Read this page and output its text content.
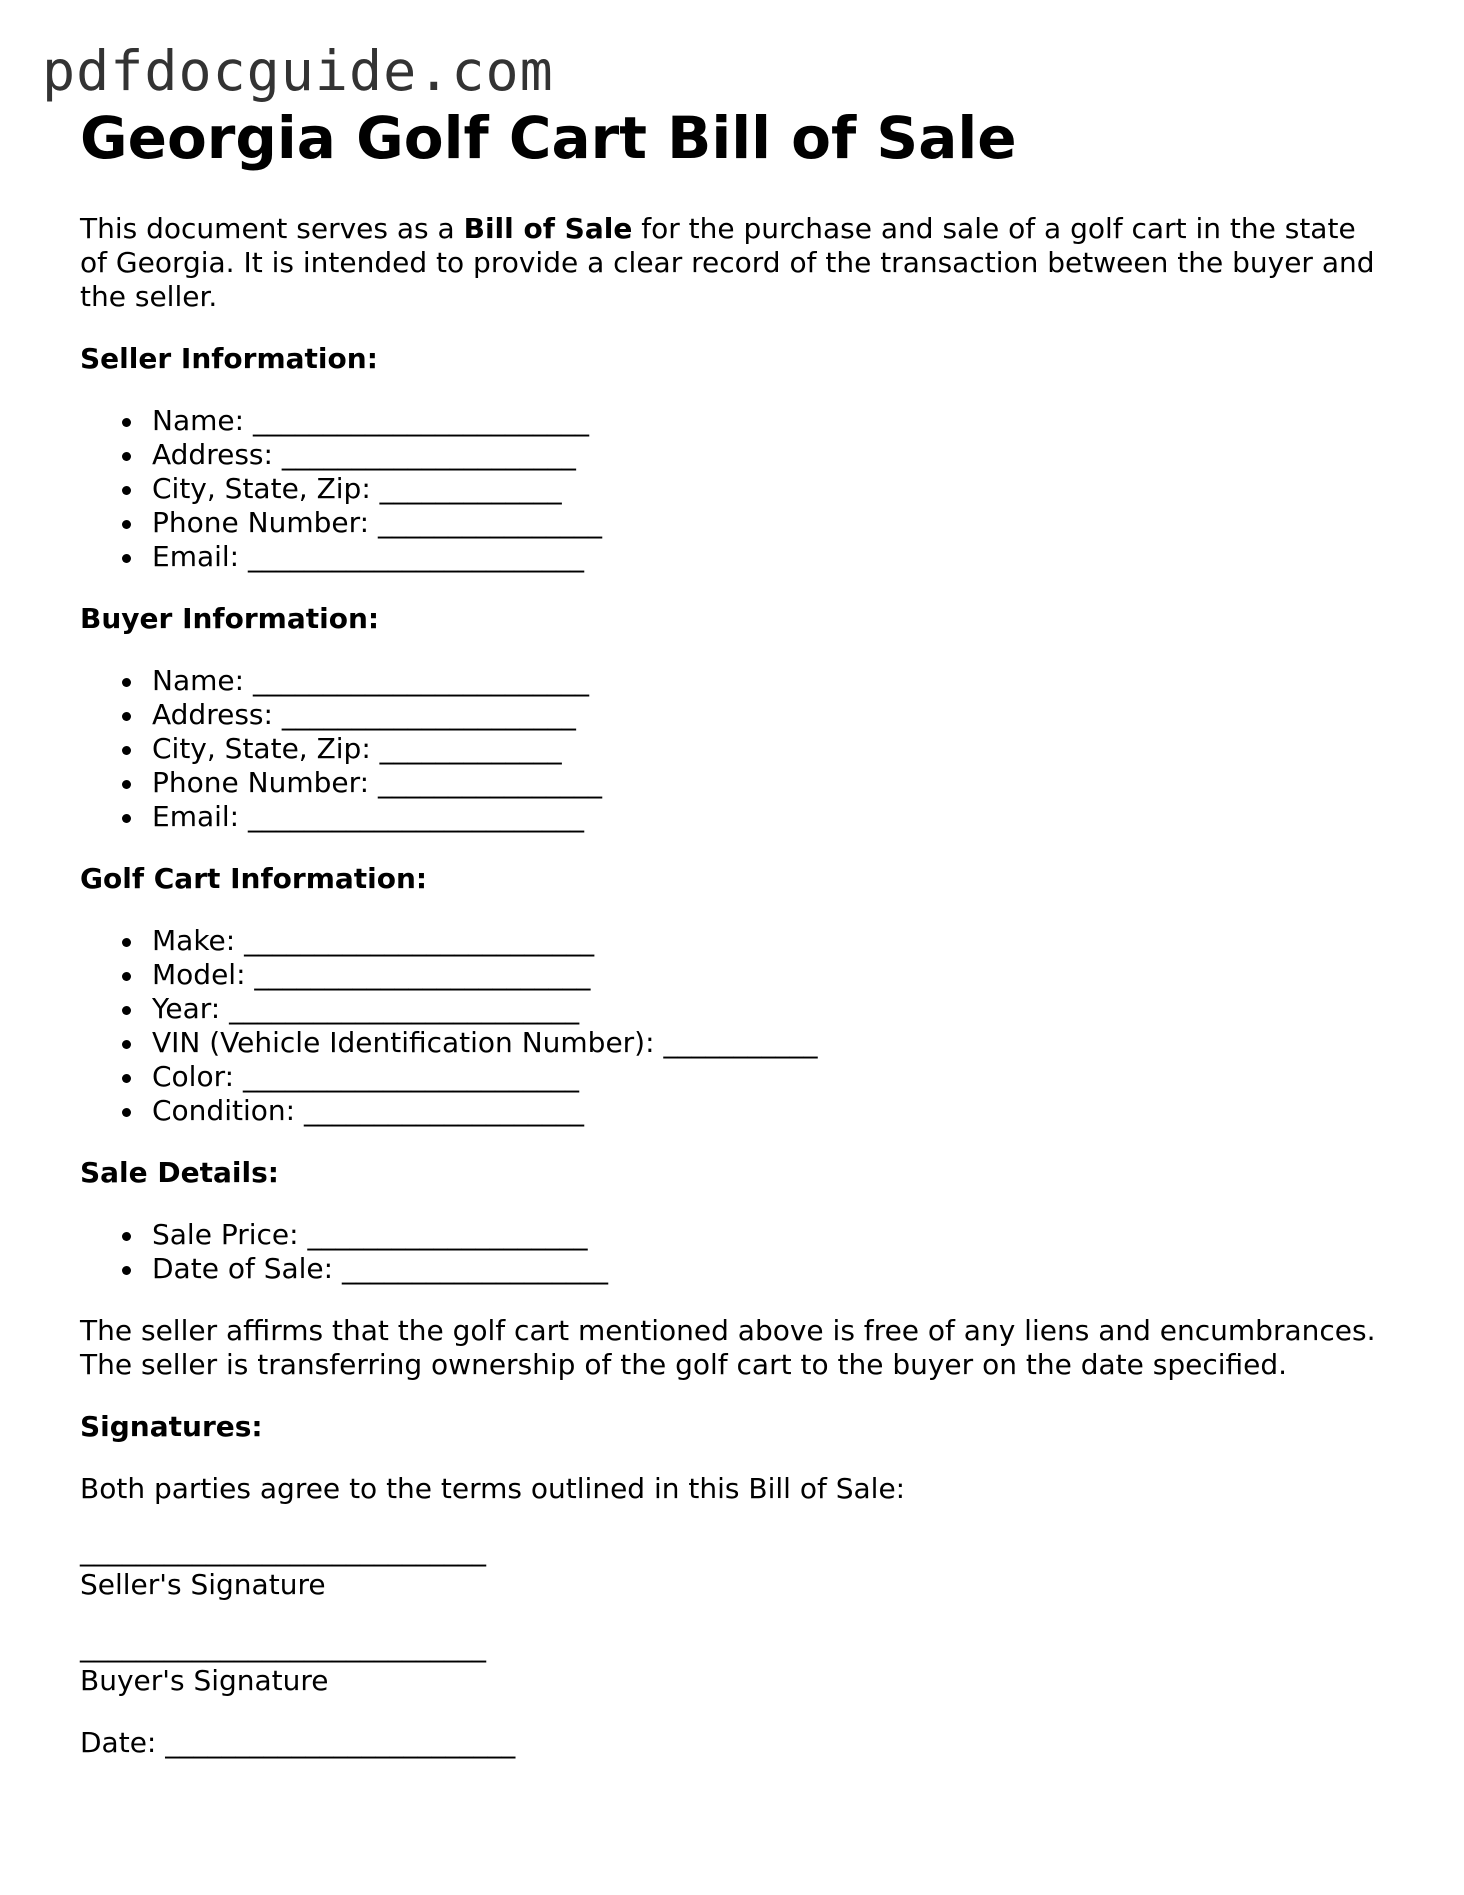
pdfdocguide.com
Georgia Golf Cart Bill of Sale

This document serves as a Bill of Sale for the purchase and sale of a golf cart in the state of Georgia. It is intended to provide a clear record of the transaction between the buyer and the seller.

Seller Information:
Name: ________________________
Address: _____________________
City, State, Zip: _____________
Phone Number: ________________
Email: ________________________
Buyer Information:
Name: ________________________
Address: _____________________
City, State, Zip: _____________
Phone Number: ________________
Email: ________________________
Golf Cart Information:
Make: _________________________
Model: ________________________
Year: _________________________
VIN (Vehicle Identification Number): ___________
Color: ________________________
Condition: ____________________
Sale Details:
Sale Price: ____________________
Date of Sale: ___________________

The seller affirms that the golf cart mentioned above is free of any liens and encumbrances. The seller is transferring ownership of the golf cart to the buyer on the date specified.

Signatures:

Both parties agree to the terms outlined in this Bill of Sale:

_____________________________
Seller's Signature
_____________________________
Buyer's Signature
Date: _________________________
